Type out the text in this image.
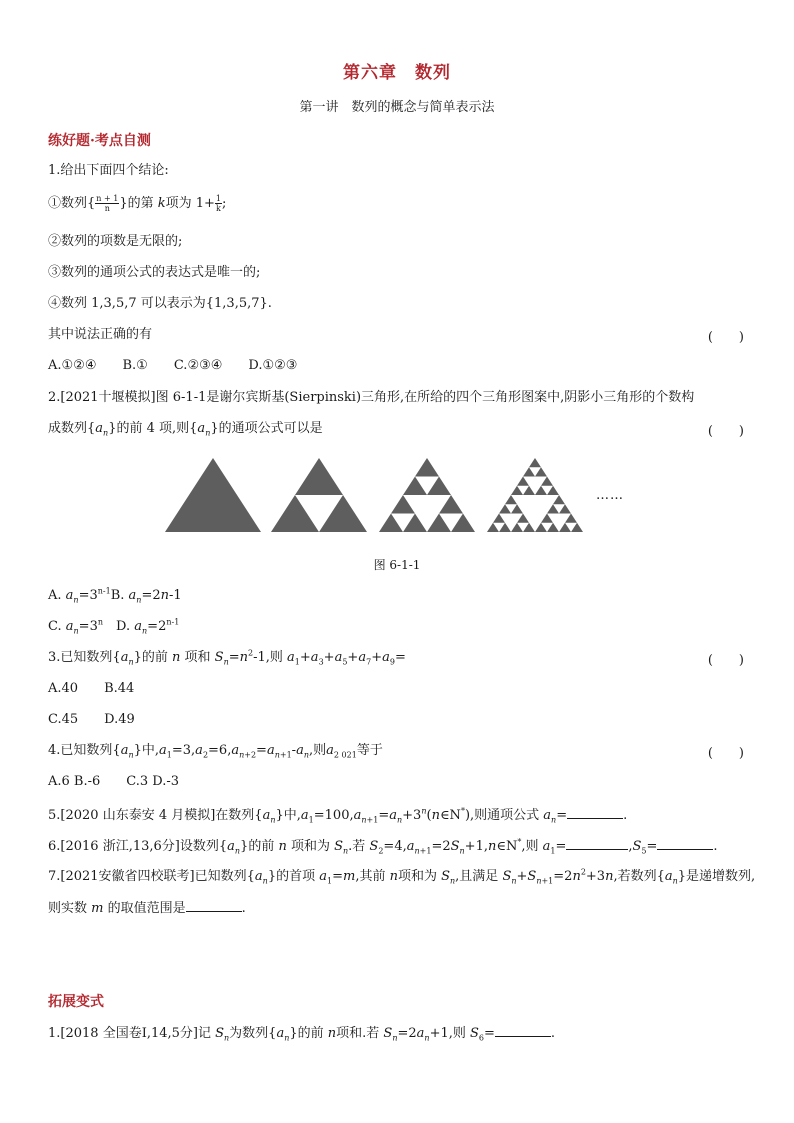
第六章　数列
第一讲　数列的概念与简单表示法
练好题·考点自测
1.给出下面四个结论:
①数列{ $\frac{n + 1}{n}$ }的第 k项为 $1+ \frac{1}{k}$ ;
②数列的项数是无限的;
③数列的通项公式的表达式是唯一的;
④数列 1,3,5,7 可以表示为{1,3,5,7}.
其中说法正确的有	(　　)
A.①②④　　B.①　　C.②③④　　D.①②③
2.[2021十堰模拟]图 6-1-1是谢尔宾斯基(Sierpinski)三角形,在所给的四个三角形图案中,阴影小三角形的个数构
成数列$\{a_n\}$的前 4 项,则$\{a_n\}$的通项公式可以是	(　　)
……
图 6-1-1
A. $a_n=3^{n-1}B$. $a_n=2n-1$
C. $a_n=3^n$　 D. $a_n=2^{n-1}$
3.已知数列$\{a_n\}$的前 n 项和 $S_n=n^2-1$,则 $a_1+a_3+a_5+a_7+a_9=$	(　　)
A.40　　B.44
C.45　　D.49
4.已知数列$\{a_n\}$中$,a_1=3,a_2=6,a_{n+2}=a_{n+1}-a_n$,则$a_{2 021}$等于	(　　)
A.6 B.-6　　C.3 D.-3
5.[2020 山东泰安 4 月模拟]在数列$\{a_n\}$中$,a_1=100,a_{n+1}=a_n+3^n(n\in N^*)$,则通项公式 $a_n=$	.
6.[2016 浙江,13,6分]设数列$\{a_n\}$的前 n 项和为 $S_n$.若 $S_2=4,a_{n+1}=2S_n+1,n\in N^*$,则 $a_1=$	$,S_5=$	.
7.[2021安徽省四校联考]已知数列$\{a_n\}$的首项 $a_1=m$,其前 n项和为 $S_n$,且满足 $S_n+S_{n+1}=2n^2+3n$,若数列$\{a_n\}$是递增数列,
则实数 m 的取值范围是	.
拓展变式
1.[2018 全国卷Ⅰ,14,5分]记 $S_n$为数列$\{a_n\}$的前 n项和.若 $S_n=2a_n+1$,则 $S_6=$	.
